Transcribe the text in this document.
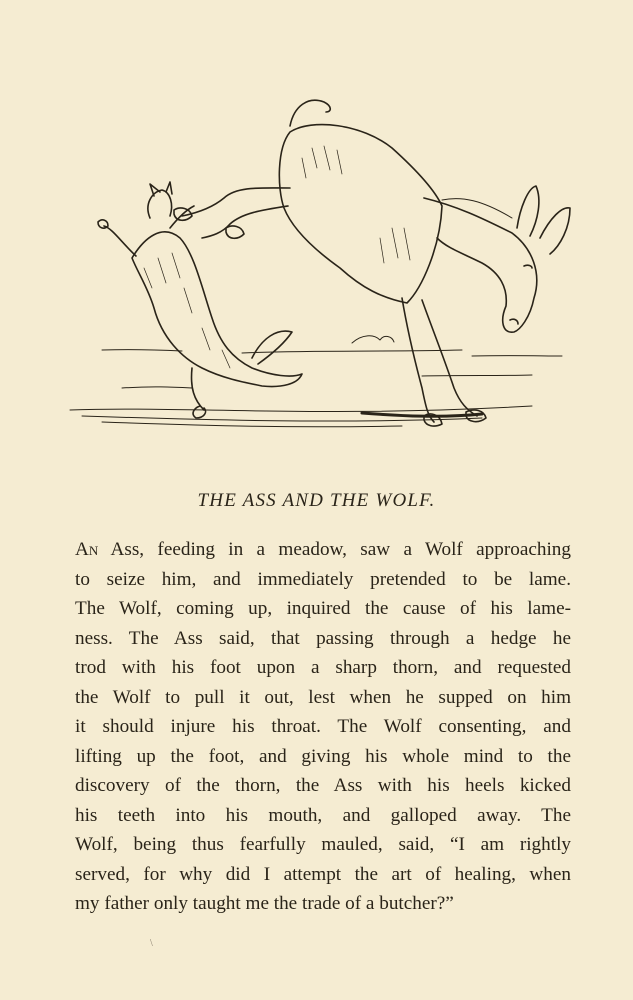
THE ASS AND THE WOLF.
An Ass, feeding in a meadow, saw a Wolf approaching
to seize him, and immediately pretended to be lame.
The Wolf, coming up, inquired the cause of his lame-
ness. The Ass said, that passing through a hedge he
trod with his foot upon a sharp thorn, and requested
the Wolf to pull it out, lest when he supped on him
it should injure his throat. The Wolf consenting, and
lifting up the foot, and giving his whole mind to the
discovery of the thorn, the Ass with his heels kicked
his teeth into his mouth, and galloped away. The
Wolf, being thus fearfully mauled, said, “I am rightly
served, for why did I attempt the art of healing, when
my father only taught me the trade of a butcher?”
\
